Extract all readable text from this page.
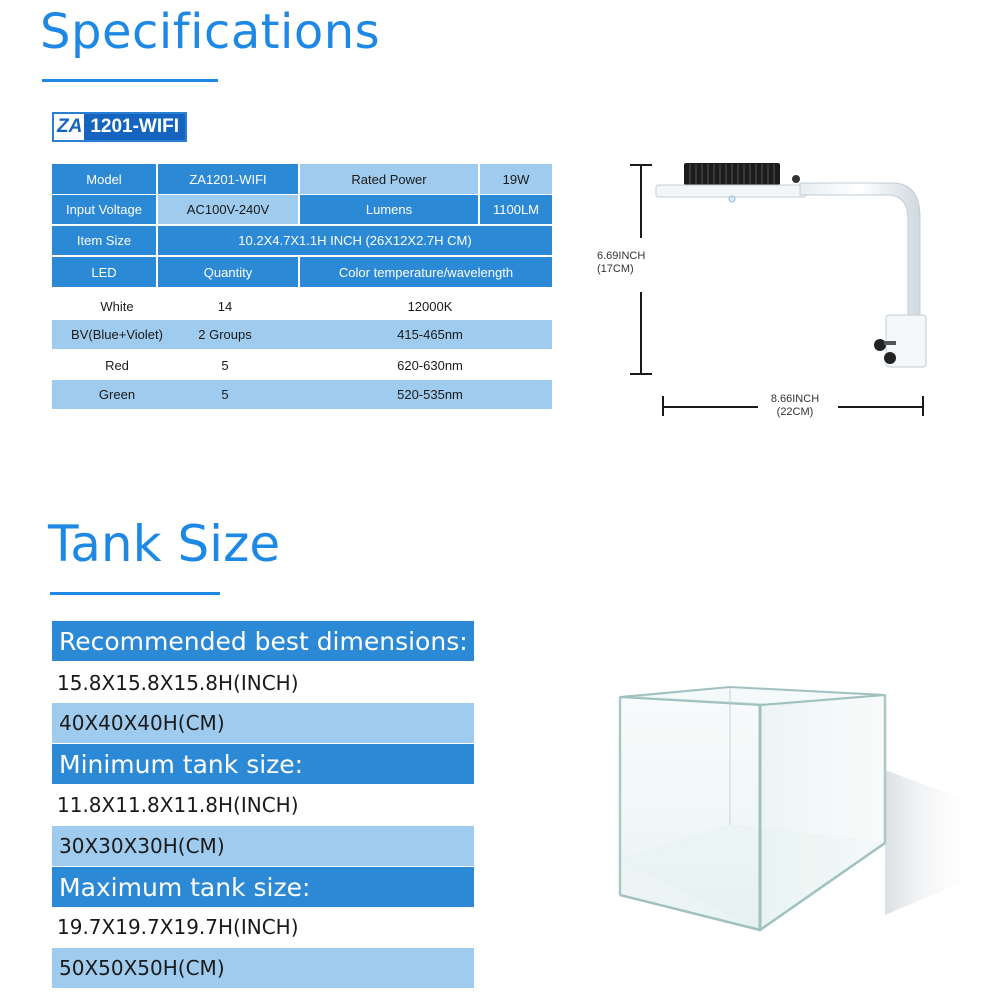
Specifications
ZA 1201-WIFI
Model	ZA1201-WIFI	Rated Power	19W
Input Voltage	AC100V-240V	Lumens	1100LM
Item Size	10.2X4.7X1.1H INCH (26X12X2.7H CM)
LED	Quantity	Color temperature/wavelength
White	14	12000K
BV(Blue+Violet)	2 Groups	415-465nm
Red	5	620-630nm
Green	5	520-535nm
6.69INCH
(17CM)
8.66INCH
(22CM)
Tank Size
Recommended best dimensions:
15.8X15.8X15.8H(INCH)
40X40X40H(CM)
Minimum tank size:
11.8X11.8X11.8H(INCH)
30X30X30H(CM)
Maximum tank size:
19.7X19.7X19.7H(INCH)
50X50X50H(CM)
